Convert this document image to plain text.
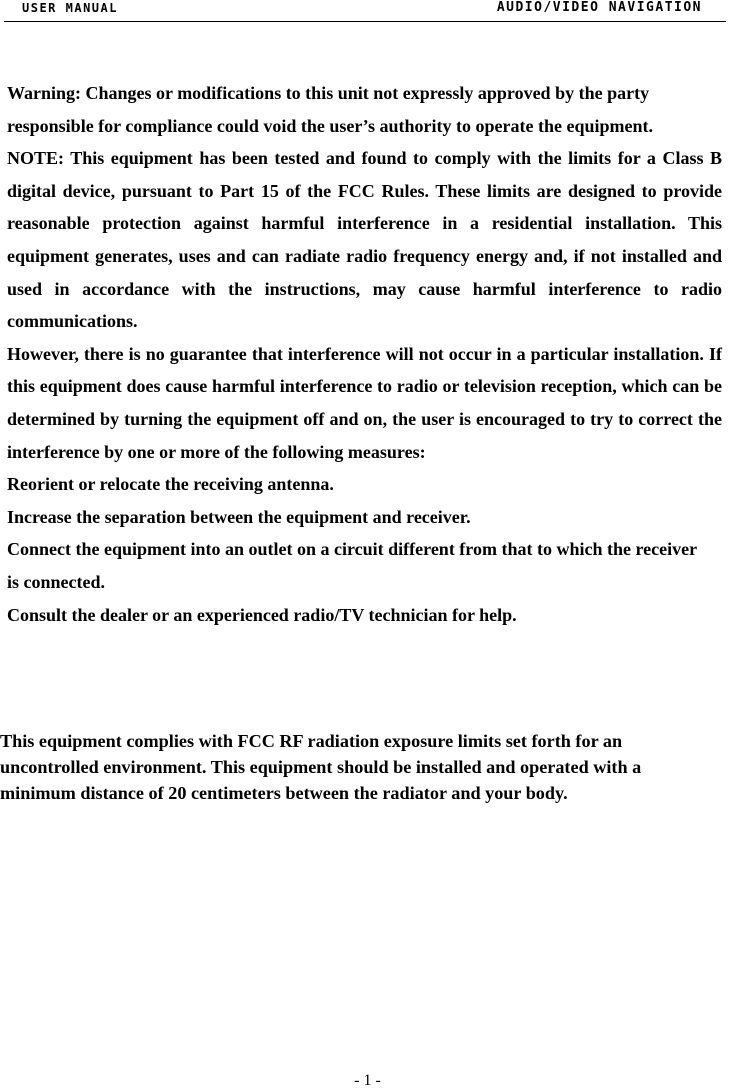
USER MANUAL	AUDIO/VIDEO NAVIGATION

Warning: Changes or modifications to this unit not expressly approved by the party responsible for compliance could void the user’s authority to operate the equipment.

NOTE: This equipment has been tested and found to comply with the limits for a Class B digital device, pursuant to Part 15 of the FCC Rules. These limits are designed to provide reasonable protection against harmful interference in a residential installation. This equipment generates, uses and can radiate radio frequency energy and, if not installed and used in accordance with the instructions, may cause harmful interference to radio communications.

However, there is no guarantee that interference will not occur in a particular installation. If this equipment does cause harmful interference to radio or television reception, which can be determined by turning the equipment off and on, the user is encouraged to try to correct the interference by one or more of the following measures:

Reorient or relocate the receiving antenna.

Increase the separation between the equipment and receiver.

Connect the equipment into an outlet on a circuit different from that to which the receiver is connected.

Consult the dealer or an experienced radio/TV technician for help.

This equipment complies with FCC RF radiation exposure limits set forth for an

uncontrolled environment. This equipment should be installed and operated with a

minimum distance of 20 centimeters between the radiator and your body.

- 1 -
